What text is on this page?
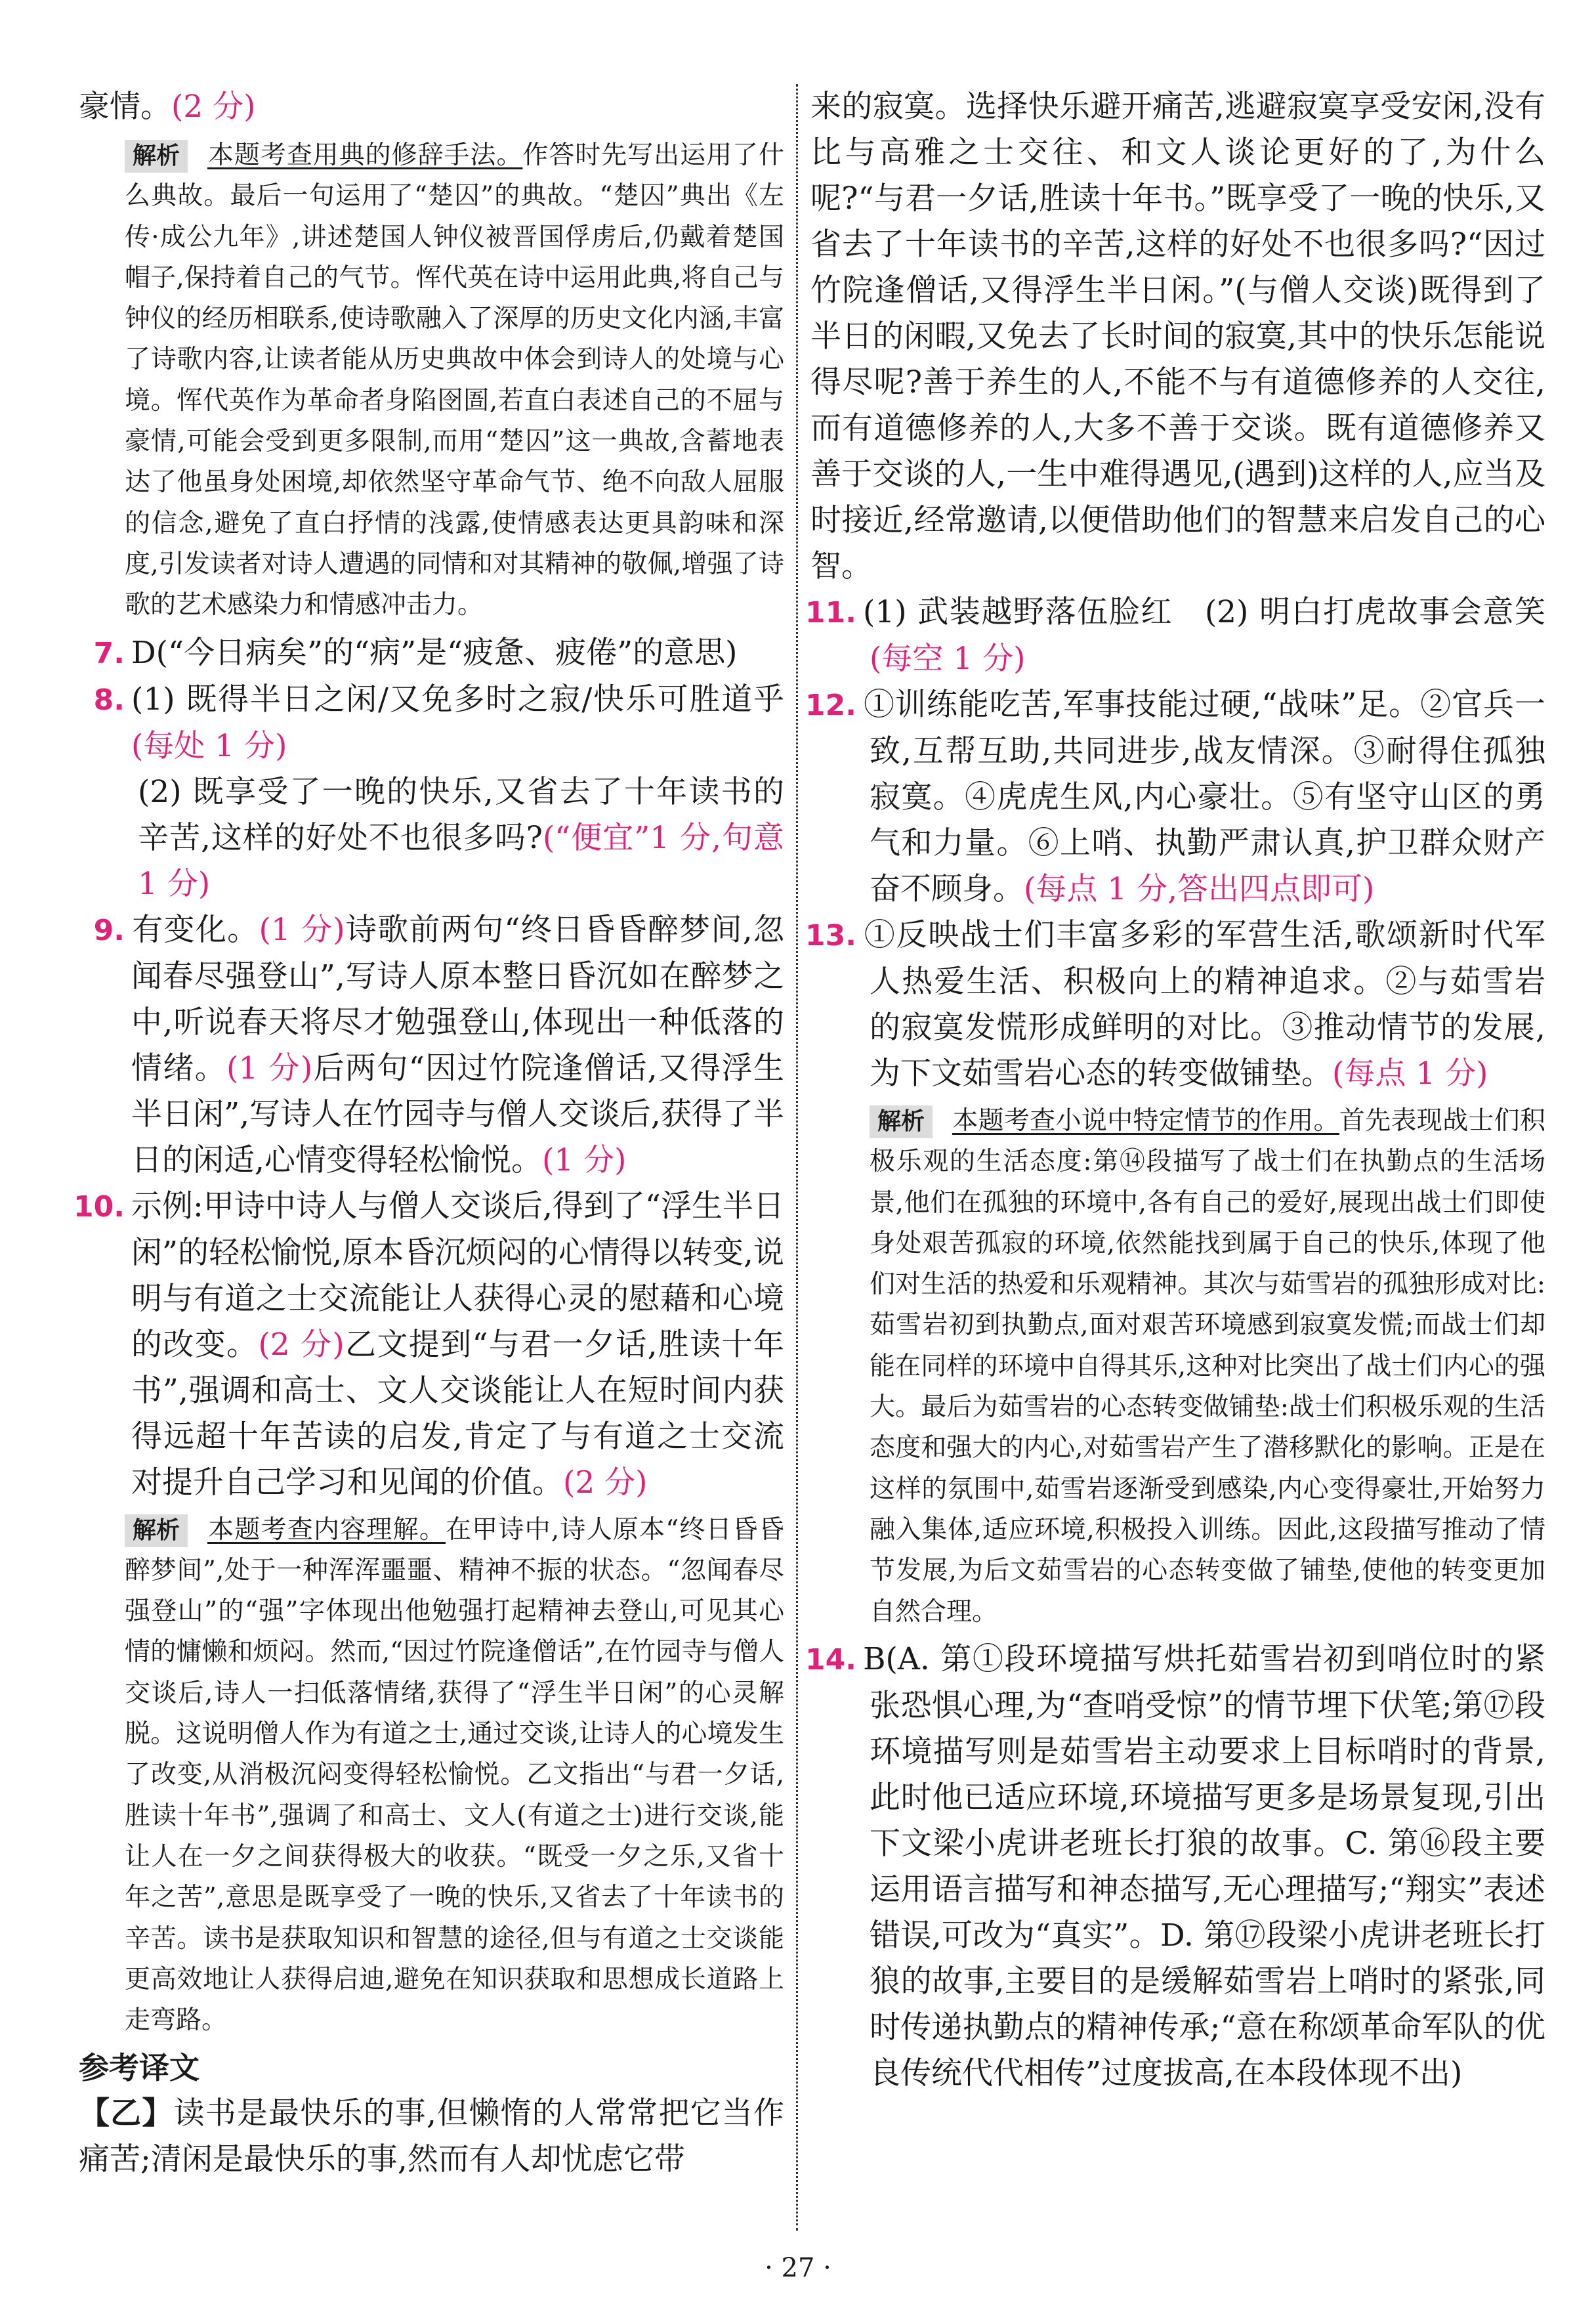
豪情。(2 分)

解析 本题考查用典的修辞手法。作答时先写出运用了什么典故。最后一句运用了“楚囚”的典故。“楚囚”典出《左传·成公九年》,讲述楚国人钟仪被晋国俘虏后,仍戴着楚国帽子,保持着自己的气节。恽代英在诗中运用此典,将自己与钟仪的经历相联系,使诗歌融入了深厚的历史文化内涵,丰富了诗歌内容,让读者能从历史典故中体会到诗人的处境与心境。恽代英作为革命者身陷囹圄,若直白表述自己的不屈与豪情,可能会受到更多限制,而用“楚囚”这一典故,含蓄地表达了他虽身处困境,却依然坚守革命气节、绝不向敌人屈服的信念,避免了直白抒情的浅露,使情感表达更具韵味和深度,引发读者对诗人遭遇的同情和对其精神的敬佩,增强了诗歌的艺术感染力和情感冲击力。

7. D(“今日病矣”的“病”是“疲惫、疲倦”的意思)

8. (1) 既得半日之闲/又免多时之寂/快乐可胜道乎(每处 1 分)

(2) 既享受了一晚的快乐,又省去了十年读书的辛苦,这样的好处不也很多吗?(“便宜”1 分,句意 1 分)

9. 有变化。(1 分)诗歌前两句“终日昏昏醉梦间,忽闻春尽强登山”,写诗人原本整日昏沉如在醉梦之中,听说春天将尽才勉强登山,体现出一种低落的情绪。(1 分)后两句“因过竹院逢僧话,又得浮生半日闲”,写诗人在竹园寺与僧人交谈后,获得了半日的闲适,心情变得轻松愉悦。(1 分)

10. 示例:甲诗中诗人与僧人交谈后,得到了“浮生半日闲”的轻松愉悦,原本昏沉烦闷的心情得以转变,说明与有道之士交流能让人获得心灵的慰藉和心境的改变。(2 分)乙文提到“与君一夕话,胜读十年书”,强调和高士、文人交谈能让人在短时间内获得远超十年苦读的启发,肯定了与有道之士交流对提升自己学习和见闻的价值。(2 分)

解析 本题考查内容理解。在甲诗中,诗人原本“终日昏昏醉梦间”,处于一种浑浑噩噩、精神不振的状态。“忽闻春尽强登山”的“强”字体现出他勉强打起精神去登山,可见其心情的慵懒和烦闷。然而,“因过竹院逢僧话”,在竹园寺与僧人交谈后,诗人一扫低落情绪,获得了“浮生半日闲”的心灵解脱。这说明僧人作为有道之士,通过交谈,让诗人的心境发生了改变,从消极沉闷变得轻松愉悦。乙文指出“与君一夕话,胜读十年书”,强调了和高士、文人(有道之士)进行交谈,能让人在一夕之间获得极大的收获。“既受一夕之乐,又省十年之苦”,意思是既享受了一晚的快乐,又省去了十年读书的辛苦。读书是获取知识和智慧的途径,但与有道之士交谈能更高效地让人获得启迪,避免在知识获取和思想成长道路上走弯路。

参考译文

【乙】读书是最快乐的事,但懒惰的人常常把它当作痛苦;清闲是最快乐的事,然而有人却忧虑它带

来的寂寞。选择快乐避开痛苦,逃避寂寞享受安闲,没有比与高雅之士交往、和文人谈论更好的了,为什么呢?“与君一夕话,胜读十年书。”既享受了一晚的快乐,又省去了十年读书的辛苦,这样的好处不也很多吗?“因过竹院逢僧话,又得浮生半日闲。”(与僧人交谈)既得到了半日的闲暇,又免去了长时间的寂寞,其中的快乐怎能说得尽呢?善于养生的人,不能不与有道德修养的人交往,而有道德修养的人,大多不善于交谈。既有道德修养又善于交谈的人,一生中难得遇见,(遇到)这样的人,应当及时接近,经常邀请,以便借助他们的智慧来启发自己的心智。

11. (1) 武装越野落伍脸红　(2) 明白打虎故事会意笑(每空 1 分)

12. ①训练能吃苦,军事技能过硬,“战味”足。②官兵一致,互帮互助,共同进步,战友情深。③耐得住孤独寂寞。④虎虎生风,内心豪壮。⑤有坚守山区的勇气和力量。⑥上哨、执勤严肃认真,护卫群众财产奋不顾身。(每点 1 分,答出四点即可)

13. ①反映战士们丰富多彩的军营生活,歌颂新时代军人热爱生活、积极向上的精神追求。②与茹雪岩的寂寞发慌形成鲜明的对比。③推动情节的发展,为下文茹雪岩心态的转变做铺垫。(每点 1 分)

解析 本题考查小说中特定情节的作用。首先表现战士们积极乐观的生活态度:第⑭段描写了战士们在执勤点的生活场景,他们在孤独的环境中,各有自己的爱好,展现出战士们即使身处艰苦孤寂的环境,依然能找到属于自己的快乐,体现了他们对生活的热爱和乐观精神。其次与茹雪岩的孤独形成对比:茹雪岩初到执勤点,面对艰苦环境感到寂寞发慌;而战士们却能在同样的环境中自得其乐,这种对比突出了战士们内心的强大。最后为茹雪岩的心态转变做铺垫:战士们积极乐观的生活态度和强大的内心,对茹雪岩产生了潜移默化的影响。正是在这样的氛围中,茹雪岩逐渐受到感染,内心变得豪壮,开始努力融入集体,适应环境,积极投入训练。因此,这段描写推动了情节发展,为后文茹雪岩的心态转变做了铺垫,使他的转变更加自然合理。

14. B(A. 第①段环境描写烘托茹雪岩初到哨位时的紧张恐惧心理,为“查哨受惊”的情节埋下伏笔;第⑰段环境描写则是茹雪岩主动要求上目标哨时的背景,此时他已适应环境,环境描写更多是场景复现,引出下文梁小虎讲老班长打狼的故事。C. 第⑯段主要运用语言描写和神态描写,无心理描写;“翔实”表述错误,可改为“真实”。D. 第⑰段梁小虎讲老班长打狼的故事,主要目的是缓解茹雪岩上哨时的紧张,同时传递执勤点的精神传承;“意在称颂革命军队的优良传统代代相传”过度拔高,在本段体现不出)

· 27 ·
